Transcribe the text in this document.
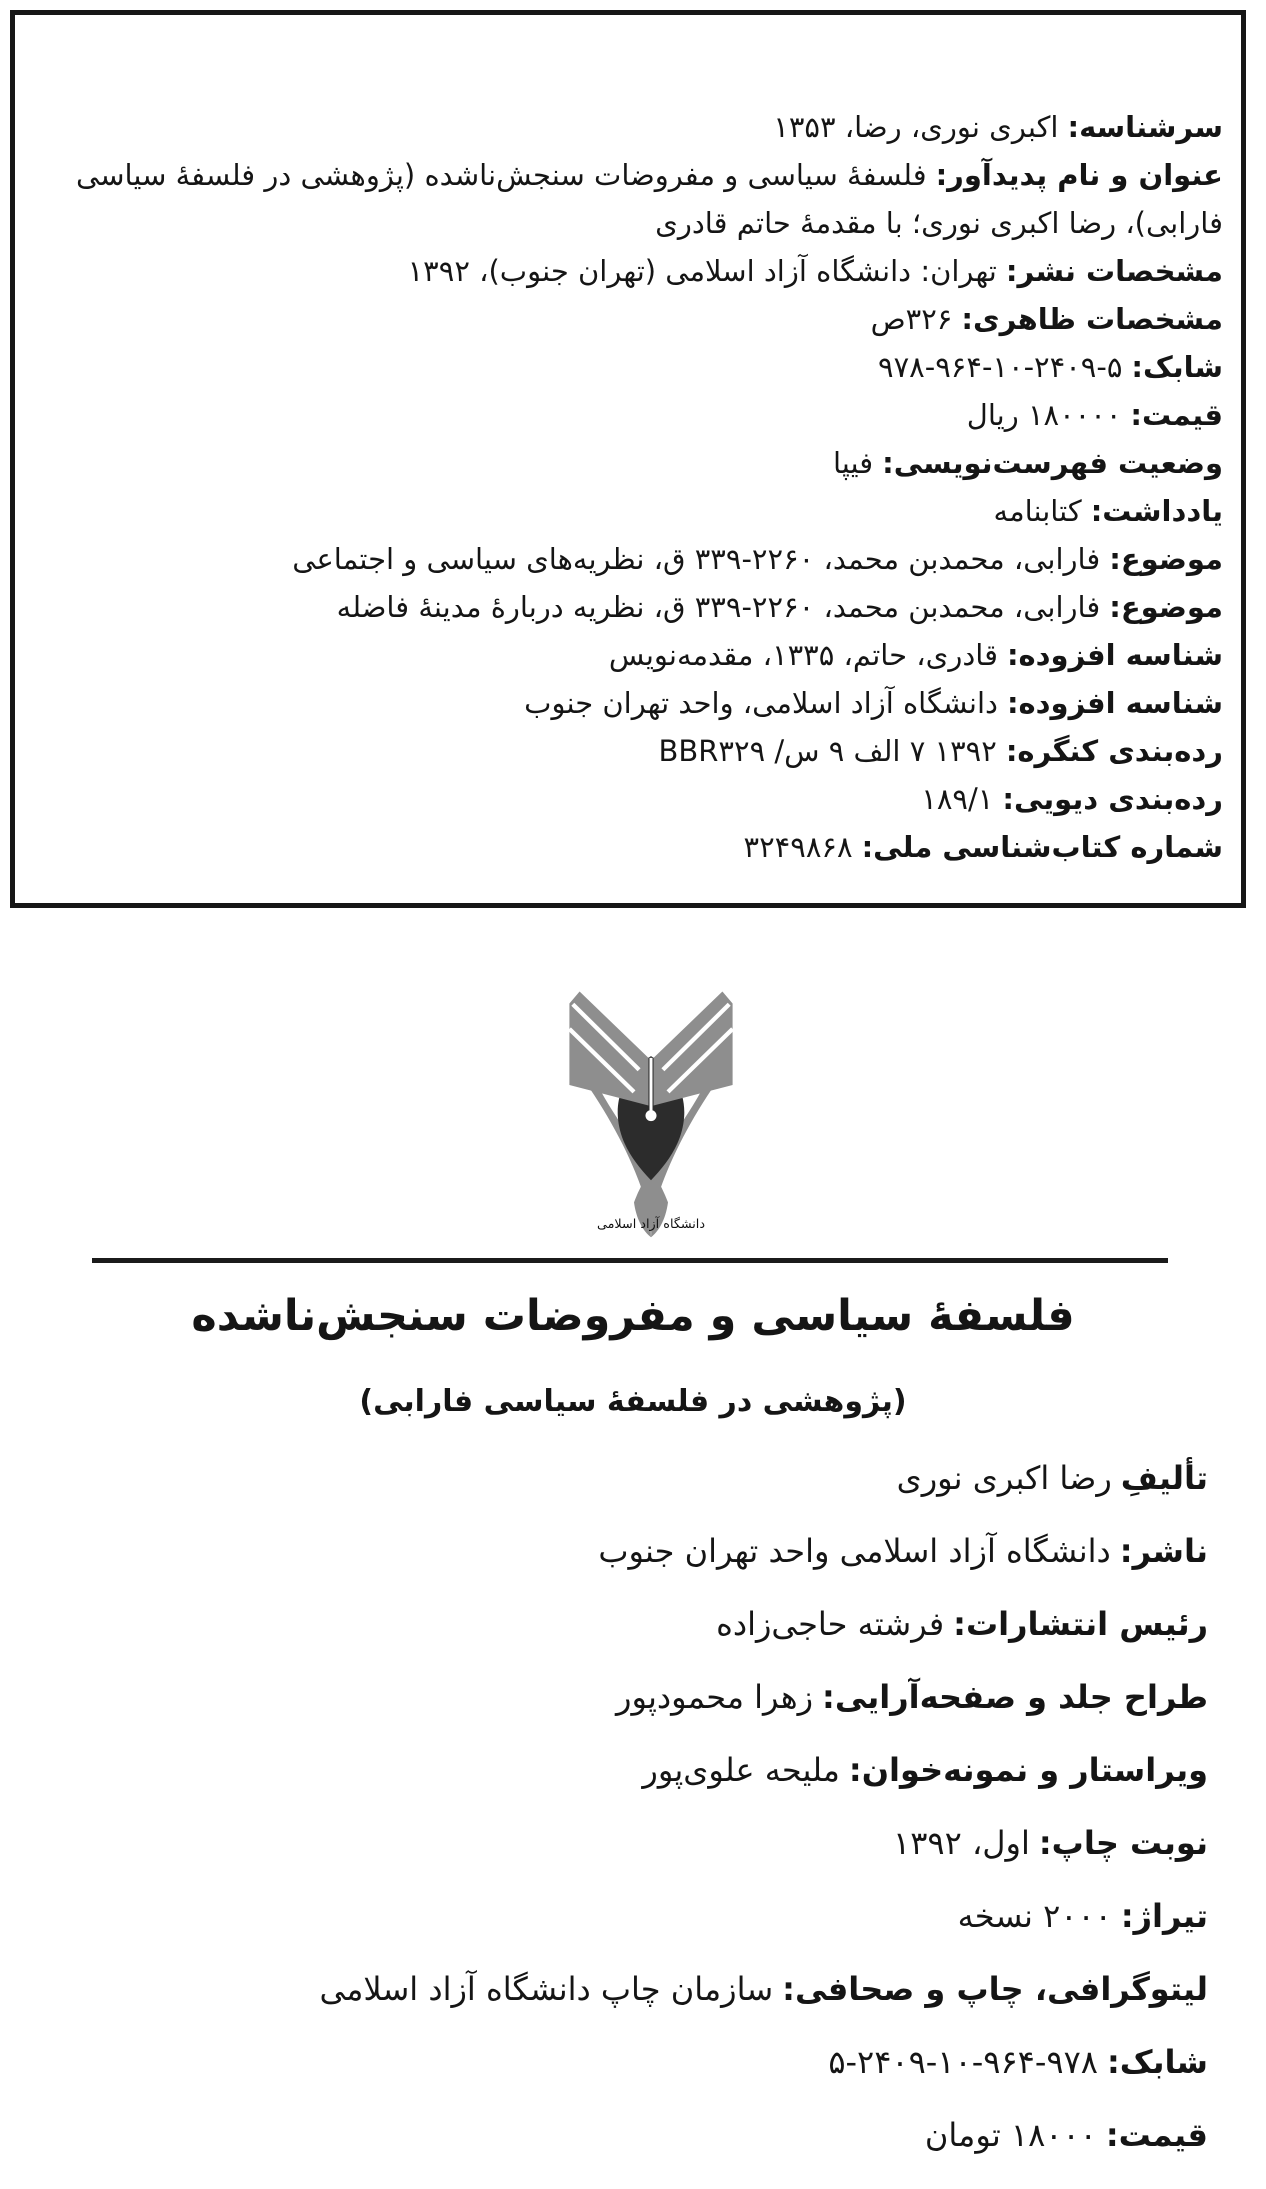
سرشناسه:اکبری نوری، رضا، ۱۳۵۳
عنوان و نام پدیدآور:فلسفهٔ سیاسی و مفروضات سنجش‌ناشده (پژوهشی در فلسفهٔ سیاسی
فارابی)، رضا اکبری نوری؛ با مقدمهٔ حاتم قادری
مشخصات نشر:تهران: دانشگاه آزاد اسلامی (تهران جنوب)، ۱۳۹۲
مشخصات ظاهری:۳۲۶ص
شابک:۵-۲۴۰۹-۱۰-۹۶۴-۹۷۸
قیمت:۱۸۰۰۰۰ ریال
وضعیت فهرست‌نویسی:فیپا
یادداشت:کتابنامه
موضوع:فارابی، محمدبن محمد، ۲۲۶۰-۳۳۹ ق، نظریه‌های سیاسی و اجتماعی
موضوع:فارابی، محمدبن محمد، ۲۲۶۰-۳۳۹ ق، نظریه دربارهٔ مدینهٔ فاضله
شناسه افزوده:قادری، حاتم، ۱۳۳۵، مقدمه‌نویس
شناسه افزوده:دانشگاه آزاد اسلامی، واحد تهران جنوب
رده‌بندی کنگره:۱۳۹۲ ۷ الف ۹ س/ BBR۳۲۹
رده‌بندی دیویی:۱۸۹/۱
شماره کتاب‌شناسی ملی:۳۲۴۹۸۶۸
دانشگاه آزاد اسلامی
فلسفهٔ سیاسی و مفروضات سنجش‌ناشده
(پژوهشی در فلسفهٔ سیاسی فارابی)
تألیفِ
رضا اکبری نوری
ناشر:
دانشگاه آزاد اسلامی واحد تهران جنوب
رئیس انتشارات:
فرشته حاجی‌زاده
طراح جلد و صفحه‌آرایی:
زهرا محمودپور
ویراستار و نمونه‌خوان:
ملیحه علوی‌پور
نوبت چاپ:
اول، ۱۳۹۲
تیراژ:
۲۰۰۰ نسخه
لیتوگرافی، چاپ و صحافی:
سازمان چاپ دانشگاه آزاد اسلامی
شابک:
۵-۲۴۰۹-۱۰-۹۶۴-۹۷۸
قیمت:
۱۸۰۰۰ تومان
